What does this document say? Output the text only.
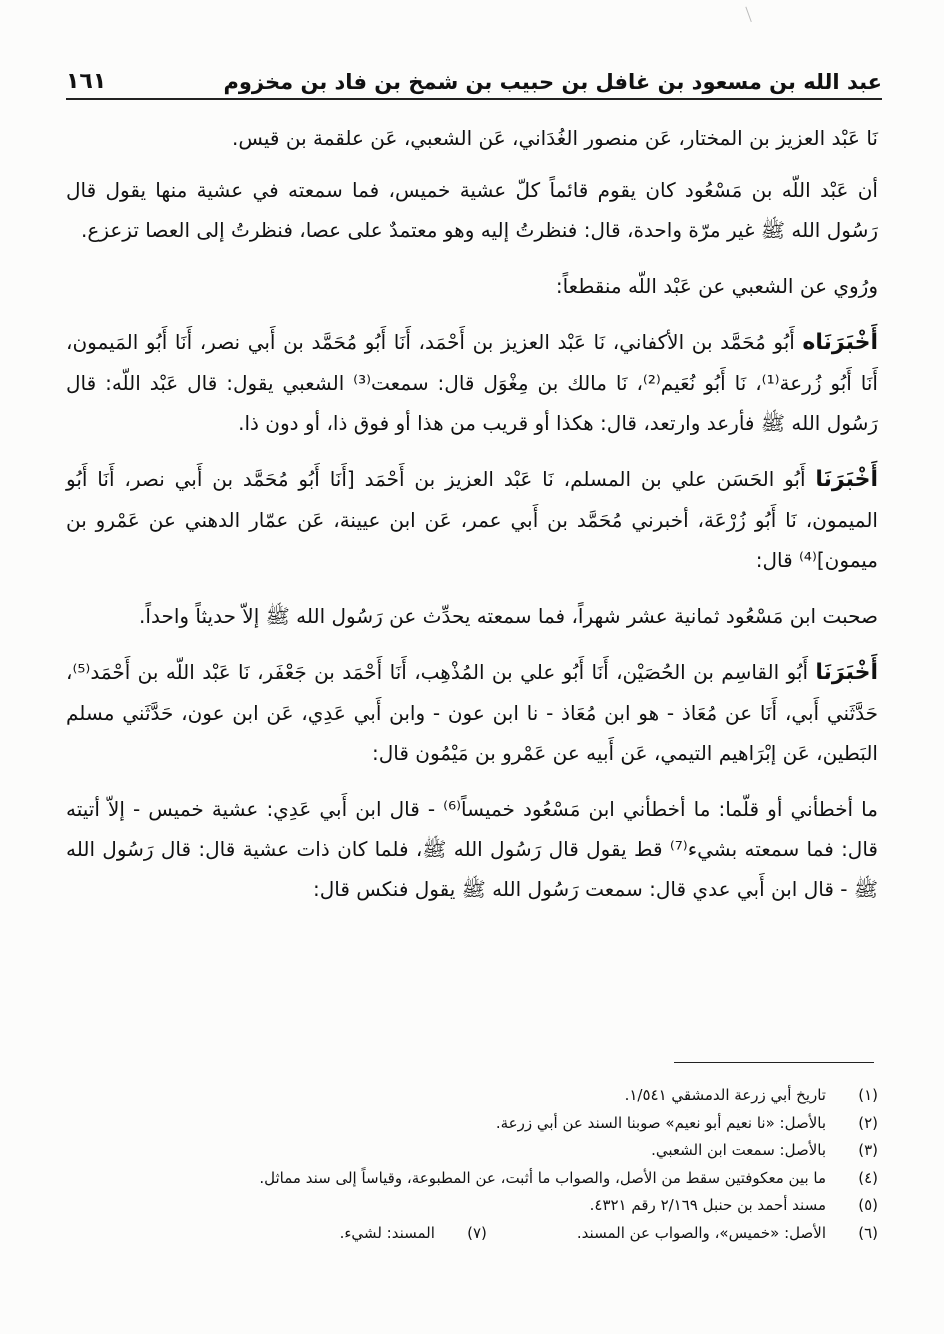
عبد الله بن مسعود بن غافل بن حبيب بن شمخ بن فاد بن مخزوم
١٦١

نَا عَبْد العزيز بن المختار، عَن منصور الغُدَاني، عَن الشعبي، عَن علقمة بن قيس.

أن عَبْد اللّه بن مَسْعُود كان يقوم قائماً كلّ عشية خميس، فما سمعته في عشية منها يقول قال رَسُول الله ﷺ غير مرّة واحدة، قال: فنظرتُ إليه وهو معتمدٌ على عصا، فنظرتُ إلى العصا تزعزع.

ورُوي عن الشعبي عن عَبْد اللّه منقطعاً:

أَخْبَرَنَاه أَبُو مُحَمَّد بن الأكفاني، نَا عَبْد العزيز بن أَحْمَد، أَنَا أَبُو مُحَمَّد بن أَبي نصر، أَنَا أَبُو المَيمون، أَنَا أَبُو زُرعة⁽¹⁾، نَا أَبُو نُعَيم⁽²⁾، نَا مالك بن مِغْوَل قال: سمعت⁽³⁾ الشعبي يقول: قال عَبْد اللّه: قال رَسُول الله ﷺ فأرعد وارتعد، قال: هكذا أو قريب من هذا أو فوق ذا، أو دون ذا.

أَخْبَرَنَا أَبُو الحَسَن علي بن المسلم، نَا عَبْد العزيز بن أَحْمَد [أَنَا أَبُو مُحَمَّد بن أَبي نصر، أَنَا أَبُو الميمون، نَا أَبُو زُرْعَة، أخبرني مُحَمَّد بن أَبي عمر، عَن ابن عيينة، عَن عمّار الدهني عن عَمْرو بن ميمون]⁽⁴⁾ قال:

صحبت ابن مَسْعُود ثمانية عشر شهراً، فما سمعته يحدِّث عن رَسُول الله ﷺ إلاّ حديثاً واحداً.

أَخْبَرَنَا أَبُو القاسِم بن الحُصَيْن، أَنَا أَبُو علي بن المُذْهِب، أَنَا أَحْمَد بن جَعْفَر، نَا عَبْد اللّه بن أَحْمَد⁽⁵⁾، حَدَّثَني أَبي، أَنَا عن مُعَاذ - هو ابن مُعَاذ - نا ابن عون - وابن أَبي عَدِي، عَن ابن عون، حَدَّثَني مسلم البَطين، عَن إبْرَاهيم التيمي، عَن أَبيه عن عَمْرو بن مَيْمُون قال:

ما أخطأني أو قلّما: ما أخطأني ابن مَسْعُود خميساً⁽⁶⁾ - قال ابن أَبي عَدِي: عشية خميس - إلاّ أتيته قال: فما سمعته بشيء⁽⁷⁾ قط يقول قال رَسُول الله ﷺ، فلما كان ذات عشية قال: قال رَسُول الله ﷺ - قال ابن أَبي عدي قال: سمعت رَسُول الله ﷺ يقول فنكس قال:

(١)
تاريخ أبي زرعة الدمشقي ١/٥٤١.
(٢)
بالأصل: «نا نعيم أبو نعيم» صوبنا السند عن أبي زرعة.
(٣)
بالأصل: سمعت ابن الشعبي.
(٤)
ما بين معكوفتين سقط من الأصل، والصواب ما أثبت، عن المطبوعة، وقياساً إلى سند مماثل.
(٥)
مسند أحمد بن حنبل ٢/١٦٩ رقم ٤٣٢١.
(٦)
الأصل: «خميس»، والصواب عن المسند.
(٧)
المسند: لشيء.
